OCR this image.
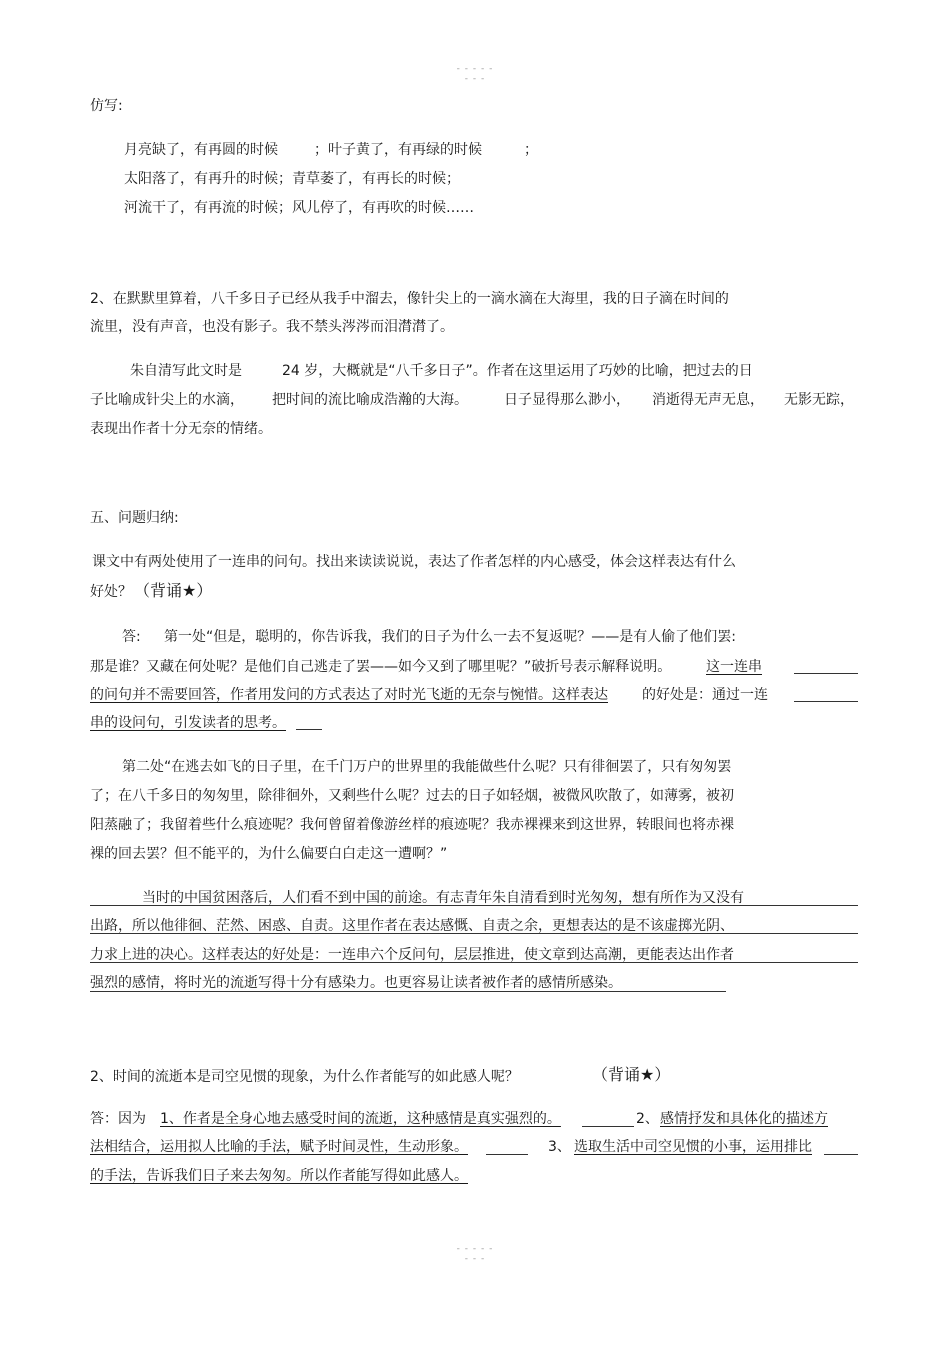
- - - - - - - -
仿写:
月亮缺了，有再圆的时候	；叶子黄了，有再绿的时候	；
太阳落了，有再升的时候；青草萎了，有再长的时候；
河流干了，有再流的时候；风儿停了，有再吹的时候……
2、在默默里算着，八千多日子已经从我手中溜去，像针尖上的一滴水滴在大海里，我的日子滴在时间的
流里，没有声音，也没有影子。我不禁头涔涔而泪潸潸了。
朱自清写此文时是	24 岁，大概就是“八千多日子”。作者在这里运用了巧妙的比喻，把过去的日
子比喻成针尖上的水滴， 把时间的流比喻成浩瀚的大海。	日子显得那么渺小， 消逝得无声无息， 无影无踪，
表现出作者十分无奈的情绪。
五、问题归纳:
课文中有两处使用了一连串的问句。找出来读读说说，表达了作者怎样的内心感受，体会这样表达有什么
好处？ （背诵★）
答: 第一处“但是，聪明的，你告诉我，我们的日子为什么一去不复返呢？——是有人偷了他们罢:
那是谁？又藏在何处呢？是他们自己逃走了罢——如今又到了哪里呢？”破折号表示解释说明。 这一连串
的问句并不需要回答，作者用发问的方式表达了对时光飞逝的无奈与惋惜。这样表达 的好处是：通过一连
串的设问句，引发读者的思考。
第二处“在逃去如飞的日子里，在千门万户的世界里的我能做些什么呢？只有徘徊罢了，只有匆匆罢
了；在八千多日的匆匆里，除徘徊外，又剩些什么呢？过去的日子如轻烟，被微风吹散了，如薄雾，被初
阳蒸融了；我留着些什么痕迹呢？我何曾留着像游丝样的痕迹呢？我赤裸裸来到这世界，转眼间也将赤裸
裸的回去罢？但不能平的，为什么偏要白白走这一遭啊？”
当时的中国贫困落后，人们看不到中国的前途。有志青年朱自清看到时光匆匆，想有所作为又没有
出路，所以他徘徊、茫然、困惑、自责。这里作者在表达感慨、自责之余，更想表达的是不该虚掷光阴、
力求上进的决心。这样表达的好处是：一连串六个反问句，层层推进，使文章到达高潮，更能表达出作者
强烈的感情，将时光的流逝写得十分有感染力。也更容易让读者被作者的感情所感染。
2、时间的流逝本是司空见惯的现象，为什么作者能写的如此感人呢？	（背诵★）
答：因为 1、作者是全身心地去感受时间的流逝，这种感情是真实强烈的。	2、 感情抒发和具体化的描述方
法相结合，运用拟人比喻的手法，赋予时间灵性，生动形象。	3、 选取生活中司空见惯的小事，运用排比
的手法，告诉我们日子来去匆匆。所以作者能写得如此感人。
- - - - - - - -
